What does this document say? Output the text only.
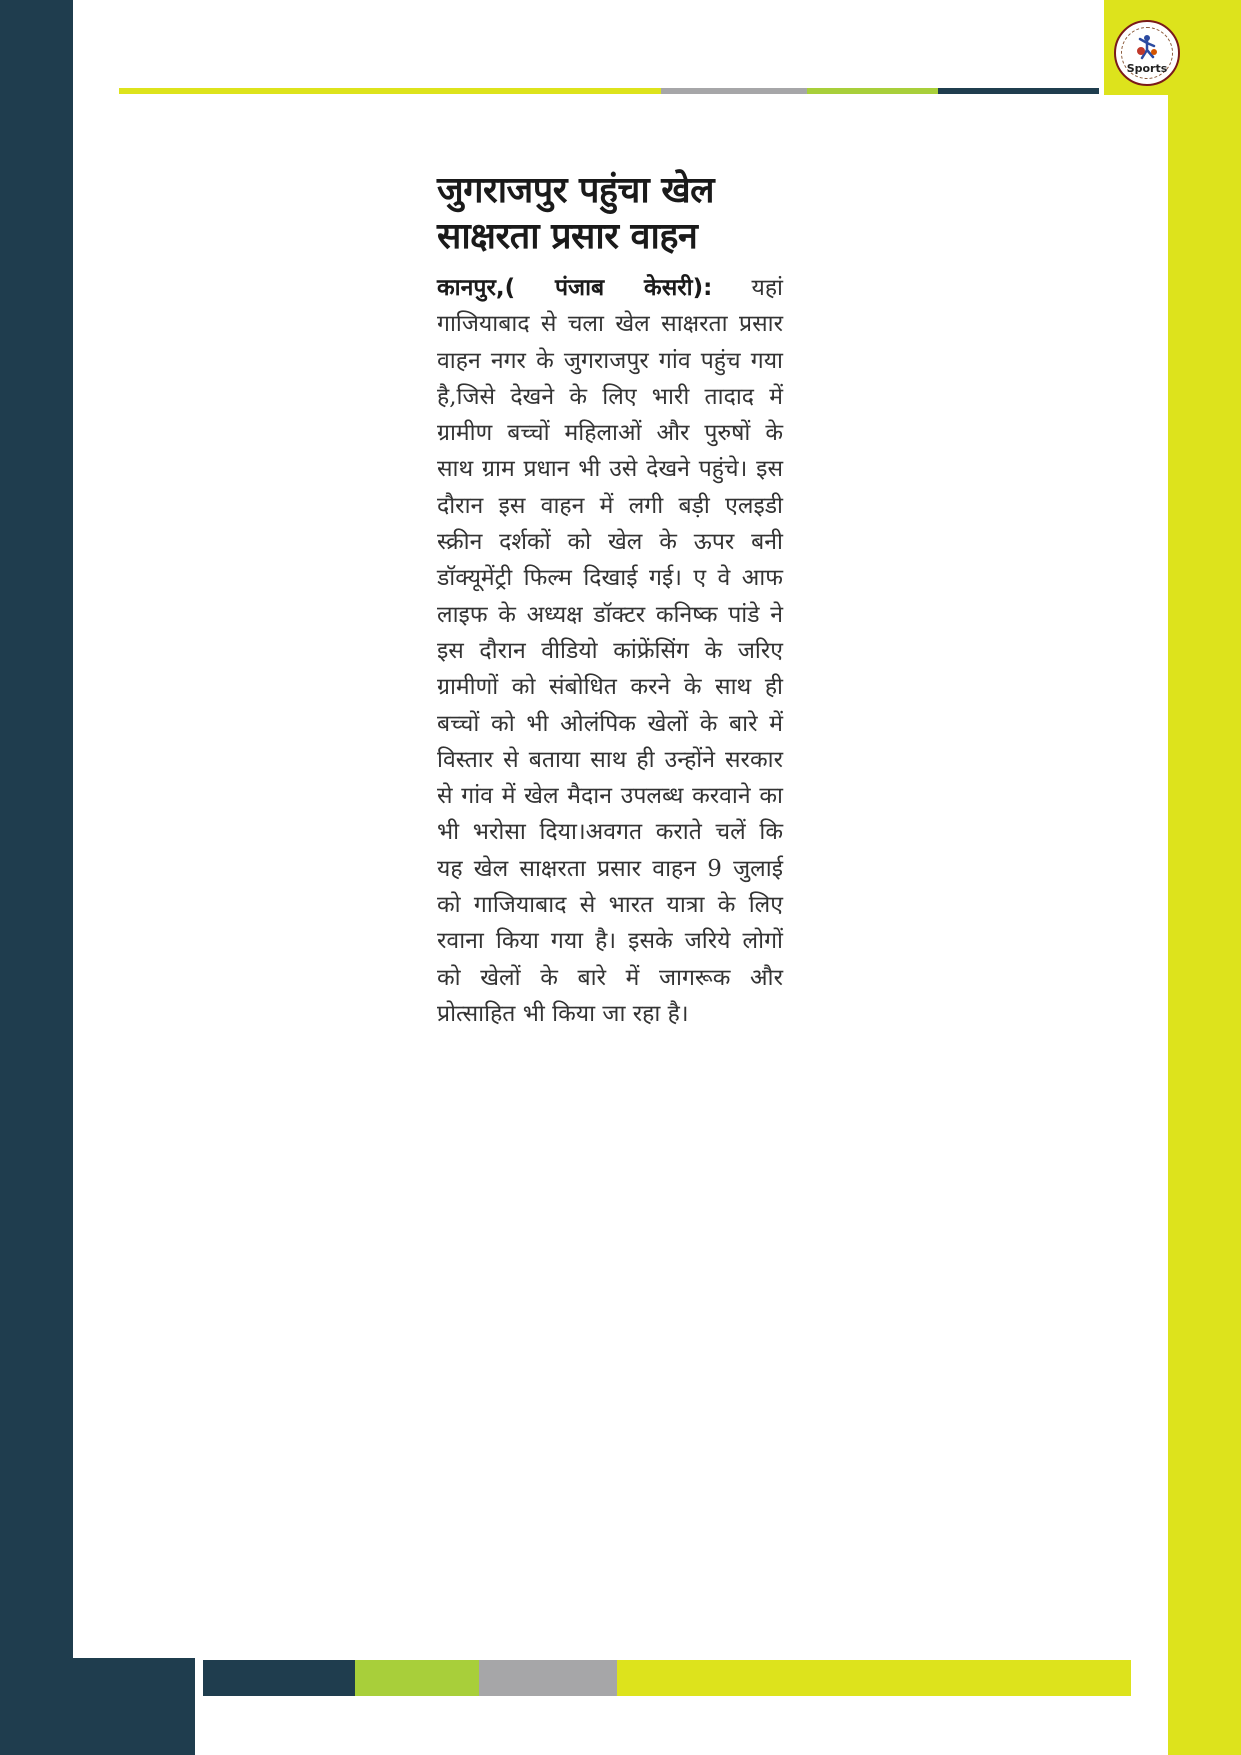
Sports
जुगराजपुर पहुंचा खेल साक्षरता प्रसार वाहन

कानपुर,( पंजाब केसरी): यहां गाजियाबाद से चला खेल साक्षरता प्रसार वाहन नगर के जुगराजपुर गांव पहुंच गया है,जिसे देखने के लिए भारी तादाद में ग्रामीण बच्चों महिलाओं और पुरुषों के साथ ग्राम प्रधान भी उसे देखने पहुंचे। इस दौरान इस वाहन में लगी बड़ी एलइडी स्क्रीन दर्शकों को खेल के ऊपर बनी डॉक्यूमेंट्री फिल्म दिखाई गई। ए वे आफ लाइफ के अध्यक्ष डॉक्टर कनिष्क पांडे ने इस दौरान वीडियो कांफ्रेंसिंग के जरिए ग्रामीणों को संबोधित करने के साथ ही बच्चों को भी ओलंपिक खेलों के बारे में विस्तार से बताया साथ ही उन्होंने सरकार से गांव में खेल मैदान उपलब्ध करवाने का भी भरोसा दिया।अवगत कराते चलें कि यह खेल साक्षरता प्रसार वाहन 9 जुलाई को गाजियाबाद से भारत यात्रा के लिए रवाना किया गया है। इसके जरिये लोगों को खेलों के बारे में जागरूक और प्रोत्साहित भी किया जा रहा है।
